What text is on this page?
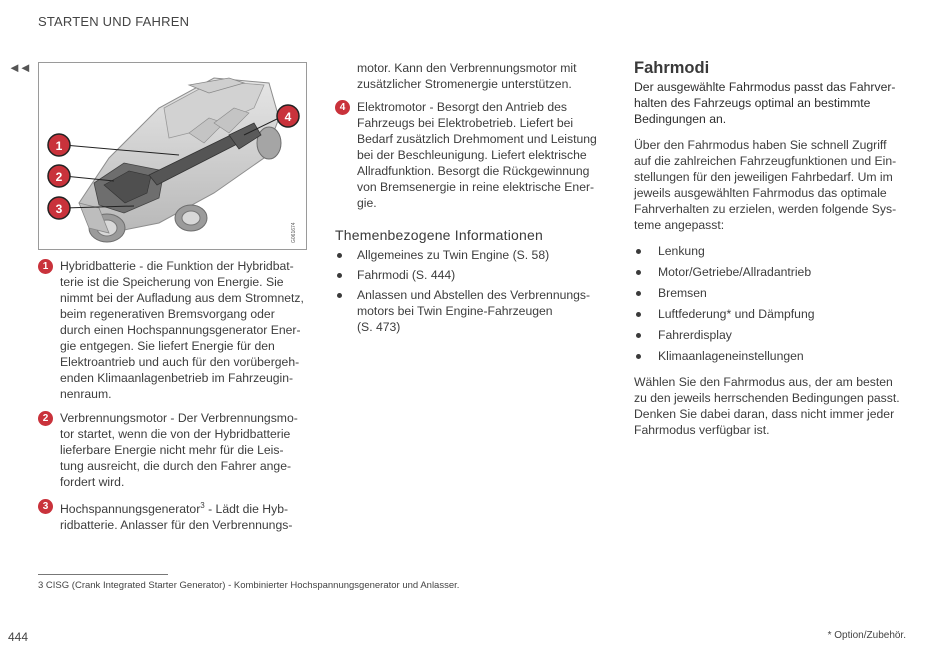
STARTEN UND FAHREN
◄◄
1
2
3
4
G061674
1 Hybridbatterie - die Funktion der Hybridbat-
terie ist die Speicherung von Energie. Sie
nimmt bei der Aufladung aus dem Stromnetz,
beim regenerativen Bremsvorgang oder
durch einen Hochspannungsgenerator Ener-
gie entgegen. Sie liefert Energie für den
Elektroantrieb und auch für den vorübergeh-
enden Klimaanlagenbetrieb im Fahrzeugin-
nenraum.
2 Verbrennungsmotor - Der Verbrennungsmo-
tor startet, wenn die von der Hybridbatterie
lieferbare Energie nicht mehr für die Leis-
tung ausreicht, die durch den Fahrer ange-
fordert wird.
3 Hochspannungsgenerator$^3$ - Lädt die Hyb-
ridbatterie. Anlasser für den Verbrennungs-
motor. Kann den Verbrennungsmotor mit
zusätzlicher Stromenergie unterstützen.
4 Elektromotor - Besorgt den Antrieb des
Fahrzeugs bei Elektrobetrieb. Liefert bei
Bedarf zusätzlich Drehmoment und Leistung
bei der Beschleunigung. Liefert elektrische
Allradfunktion. Besorgt die Rückgewinnung
von Bremsenergie in reine elektrische Ener-
gie.
Themenbezogene Informationen
Allgemeines zu Twin Engine (S. 58)
Fahrmodi (S. 444)
Anlassen und Abstellen des Verbrennungs-
motors bei Twin Engine-Fahrzeugen
(S. 473)
Fahrmodi
Der ausgewählte Fahrmodus passt das Fahrver-
halten des Fahrzeugs optimal an bestimmte
Bedingungen an.
Über den Fahrmodus haben Sie schnell Zugriff
auf die zahlreichen Fahrzeugfunktionen und Ein-
stellungen für den jeweiligen Fahrbedarf. Um im
jeweils ausgewählten Fahrmodus das optimale
Fahrverhalten zu erzielen, werden folgende Sys-
teme angepasst:
Lenkung
Motor/Getriebe/Allradantrieb
Bremsen
Luftfederung* und Dämpfung
Fahrerdisplay
Klimaanlageneinstellungen
Wählen Sie den Fahrmodus aus, der am besten
zu den jeweils herrschenden Bedingungen passt.
Denken Sie dabei daran, dass nicht immer jeder
Fahrmodus verfügbar ist.
3 CISG (Crank Integrated Starter Generator) - Kombinierter Hochspannungsgenerator und Anlasser.
444	* Option/Zubehör.
